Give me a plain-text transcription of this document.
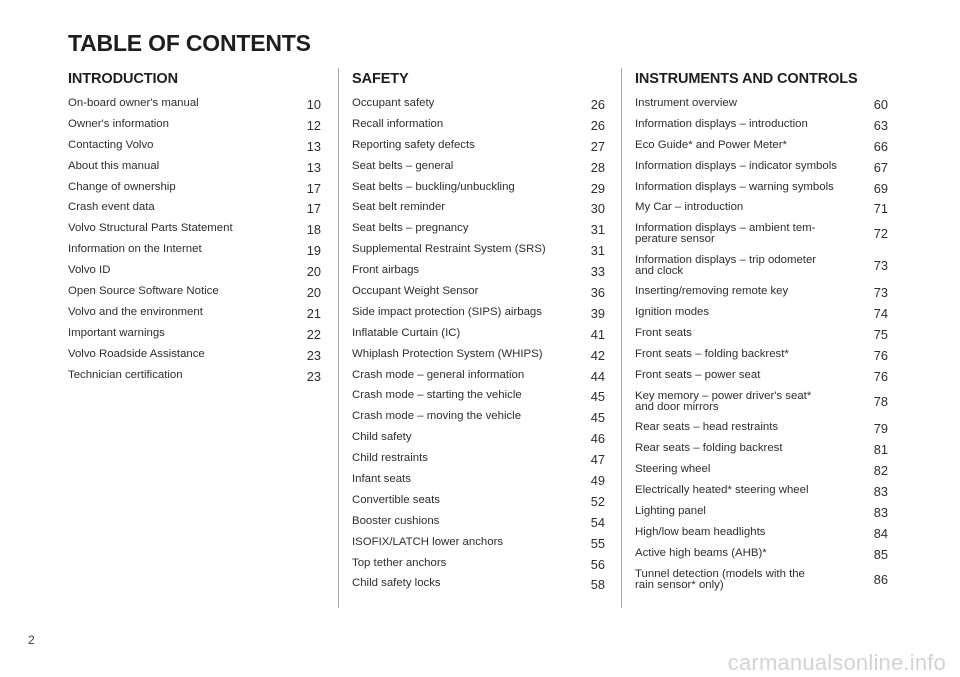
TABLE OF CONTENTS
INTRODUCTION
On-board owner's manual	10
Owner's information	12
Contacting Volvo	13
About this manual	13
Change of ownership	17
Crash event data	17
Volvo Structural Parts Statement	18
Information on the Internet	19
Volvo ID	20
Open Source Software Notice	20
Volvo and the environment	21
Important warnings	22
Volvo Roadside Assistance	23
Technician certification	23
SAFETY
Occupant safety	26
Recall information	26
Reporting safety defects	27
Seat belts – general	28
Seat belts – buckling/unbuckling	29
Seat belt reminder	30
Seat belts – pregnancy	31
Supplemental Restraint System (SRS)	31
Front airbags	33
Occupant Weight Sensor	36
Side impact protection (SIPS) airbags	39
Inflatable Curtain (IC)	41
Whiplash Protection System (WHIPS)	42
Crash mode – general information	44
Crash mode – starting the vehicle	45
Crash mode – moving the vehicle	45
Child safety	46
Child restraints	47
Infant seats	49
Convertible seats	52
Booster cushions	54
ISOFIX/LATCH lower anchors	55
Top tether anchors	56
Child safety locks	58
INSTRUMENTS AND CONTROLS
Instrument overview	60
Information displays – introduction	63
Eco Guide* and Power Meter*	66
Information displays – indicator symbols	67
Information displays – warning symbols	69
My Car – introduction	71
Information displays – ambient tem-
perature sensor	72
Information displays – trip odometer
and clock	73
Inserting/removing remote key	73
Ignition modes	74
Front seats	75
Front seats – folding backrest*	76
Front seats – power seat	76
Key memory – power driver's seat*
and door mirrors	78
Rear seats – head restraints	79
Rear seats – folding backrest	81
Steering wheel	82
Electrically heated* steering wheel	83
Lighting panel	83
High/low beam headlights	84
Active high beams (AHB)*	85
Tunnel detection (models with the
rain sensor* only)	86
2
carmanualsonline.info
